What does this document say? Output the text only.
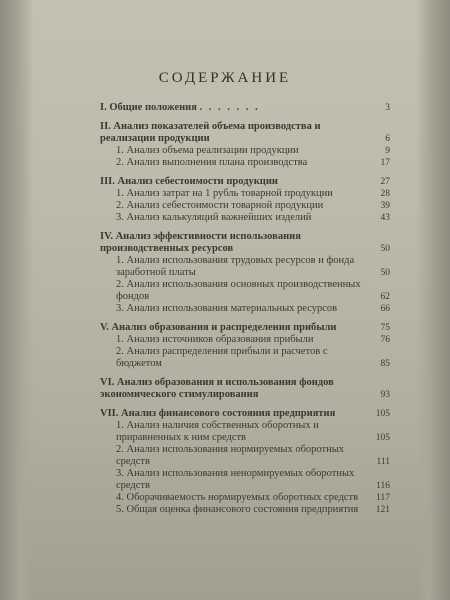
СОДЕРЖАНИЕ
I. Общие положения . . . . . . .	3
II. Анализ показателей объема производства и реализации продукции	6
1. Анализ объема реализации продукции	9
2. Анализ выполнения плана производства	17
III. Анализ себестоимости продукции	27
1. Анализ затрат на 1 рубль товарной продукции	28
2. Анализ себестоимости товарной продукции	39
3. Анализ калькуляций важнейших изделий	43
IV. Анализ эффективности использования производственных ресурсов	50
1. Анализ использования трудовых ресурсов и фонда заработной платы	50
2. Анализ использования основных производственных фондов	62
3. Анализ использования материальных ресурсов	66
V. Анализ образования и распределения прибыли	75
1. Анализ источников образования прибыли	76
2. Анализ распределения прибыли и расчетов с бюджетом	85
VI. Анализ образования и использования фондов экономического стимулирования	93
VII. Анализ финансового состояния предприятия	105
1. Анализ наличия собственных оборотных и приравненных к ним средств	105
2. Анализ использования нормируемых оборотных средств	111
3. Анализ использования ненормируемых оборотных средств	116
4. Оборачиваемость нормируемых оборотных средств 117
5. Общая оценка финансового состояния предприятия 121
